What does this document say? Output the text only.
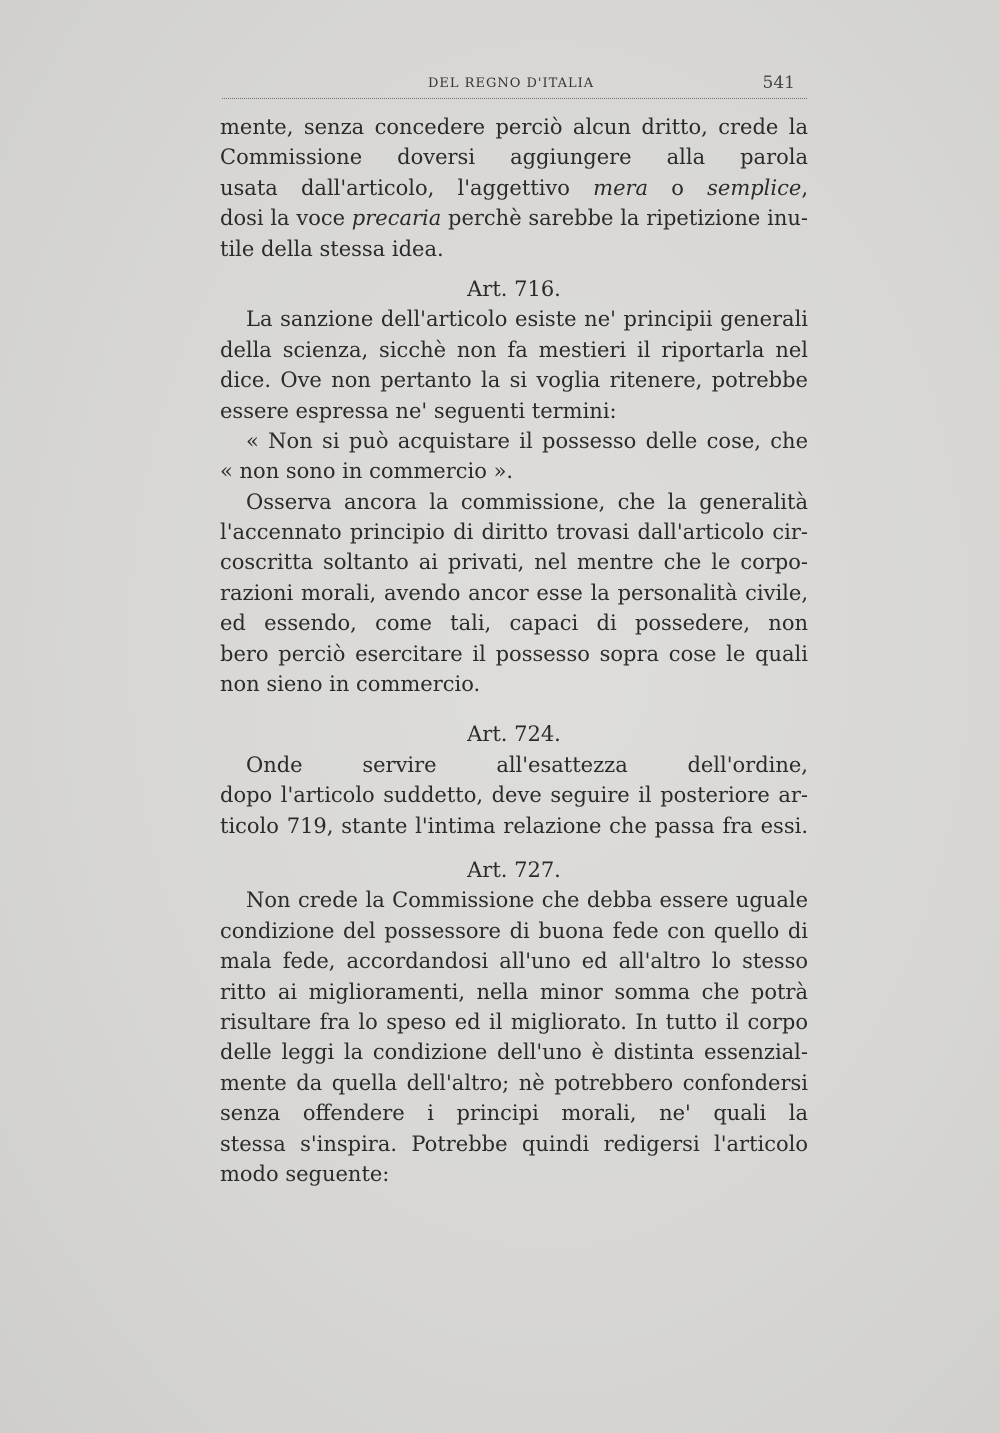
DEL REGNO D'ITALIA	541
mente, senza concedere perciò alcun dritto, crede la
Commissione doversi aggiungere alla parola
usata dall'articolo, l'aggettivo mera o semplice,
dosi la voce precaria perchè sarebbe la ripetizione inu-
tile della stessa idea.
Art. 716.
La sanzione dell'articolo esiste ne' principii generali
della scienza, sicchè non fa mestieri il riportarla nel
dice. Ove non pertanto la si voglia ritenere, potrebbe
essere espressa ne' seguenti termini:
« Non si può acquistare il possesso delle cose, che
« non sono in commercio ».
Osserva ancora la commissione, che la generalità
l'accennato principio di diritto trovasi dall'articolo cir-
coscritta soltanto ai privati, nel mentre che le corpo-
razioni morali, avendo ancor esse la personalità civile,
ed essendo, come tali, capaci di possedere, non
bero perciò esercitare il possesso sopra cose le quali
non sieno in commercio.
Art. 724.
Onde servire all'esattezza dell'ordine,
dopo l'articolo suddetto, deve seguire il posteriore ar-
ticolo 719, stante l'intima relazione che passa fra essi.
Art. 727.
Non crede la Commissione che debba essere uguale
condizione del possessore di buona fede con quello di
mala fede, accordandosi all'uno ed all'altro lo stesso
ritto ai miglioramenti, nella minor somma che potrà
risultare fra lo speso ed il migliorato. In tutto il corpo
delle leggi la condizione dell'uno è distinta essenzial-
mente da quella dell'altro; nè potrebbero confondersi
senza offendere i principi morali, ne' quali la
stessa s'inspira. Potrebbe quindi redigersi l'articolo
modo seguente:
